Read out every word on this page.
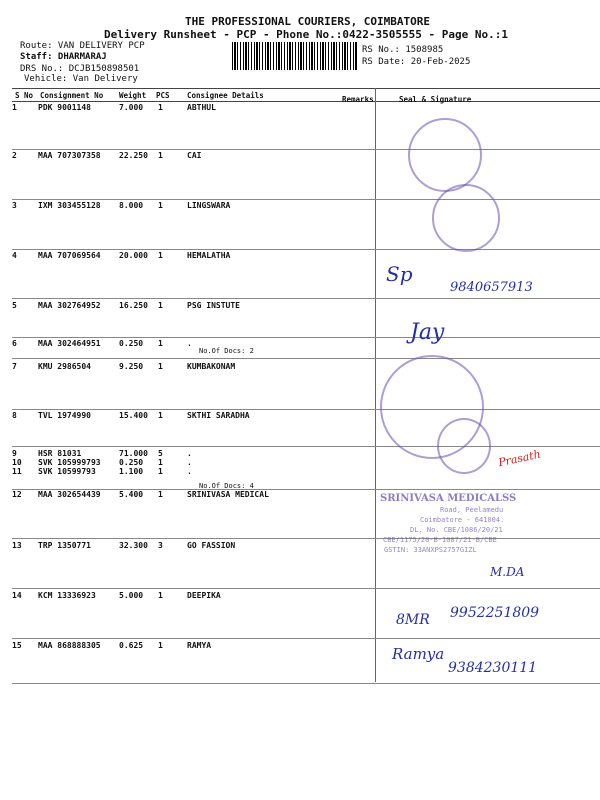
THE PROFESSIONAL COURIERS, COIMBATORE
Delivery Runsheet - PCP - Phone No.:0422-3505555 - Page No.:1
Route: VAN DELIVERY PCP
Staff: DHARMARAJ
DRS No.: DCJB150898501
Vehicle: Van Delivery
RS No.: 1508985
RS Date: 20-Feb-2025
S No Consignment No Weight PCS Consignee Details	Remarks	Seal & Signature
1	PDK 9001148	7.000 1	ABTHUL
2	MAA 707307358 22.250 1	CAI
3	IXM 303455128 8.000 1	LINGSWARA
4	MAA 707069564 20.000 1	HEMALATHA
5	MAA 302764952 16.250 1	PSG INSTUTE
6	MAA 302464951 0.250 1	.
No.Of Docs: 2
7	KMU 2986504	9.250 1	KUMBAKONAM
8	TVL 1974990	15.400 1	SKTHI SARADHA
9	HSR 81031	71.000 5	.
10 SVK 105999793 0.250 1	.
11 SVK 10599793	1.100 1	.
No.Of Docs: 4
12 MAA 302654439 5.400 1	SRINIVASA MEDICAL
13 TRP 1350771	32.300 3	GO FASSION
14 KCM 13336923	5.000 1	DEEPIKA
15 MAA 868888305 0.625 1	RAMYA
SRINIVASA MEDICALSS
Road, Peelamedu
Coimbatore - 641004.
DL. No. CBE/1086/20/21
CBE/1175/20-B-1087/21-B/CBE
GSTIN: 33ANXPS2757GIZL
Sp
9840657913
Jay
Prasath
M.DA
8MR 9952251809
Ramya
9384230111
